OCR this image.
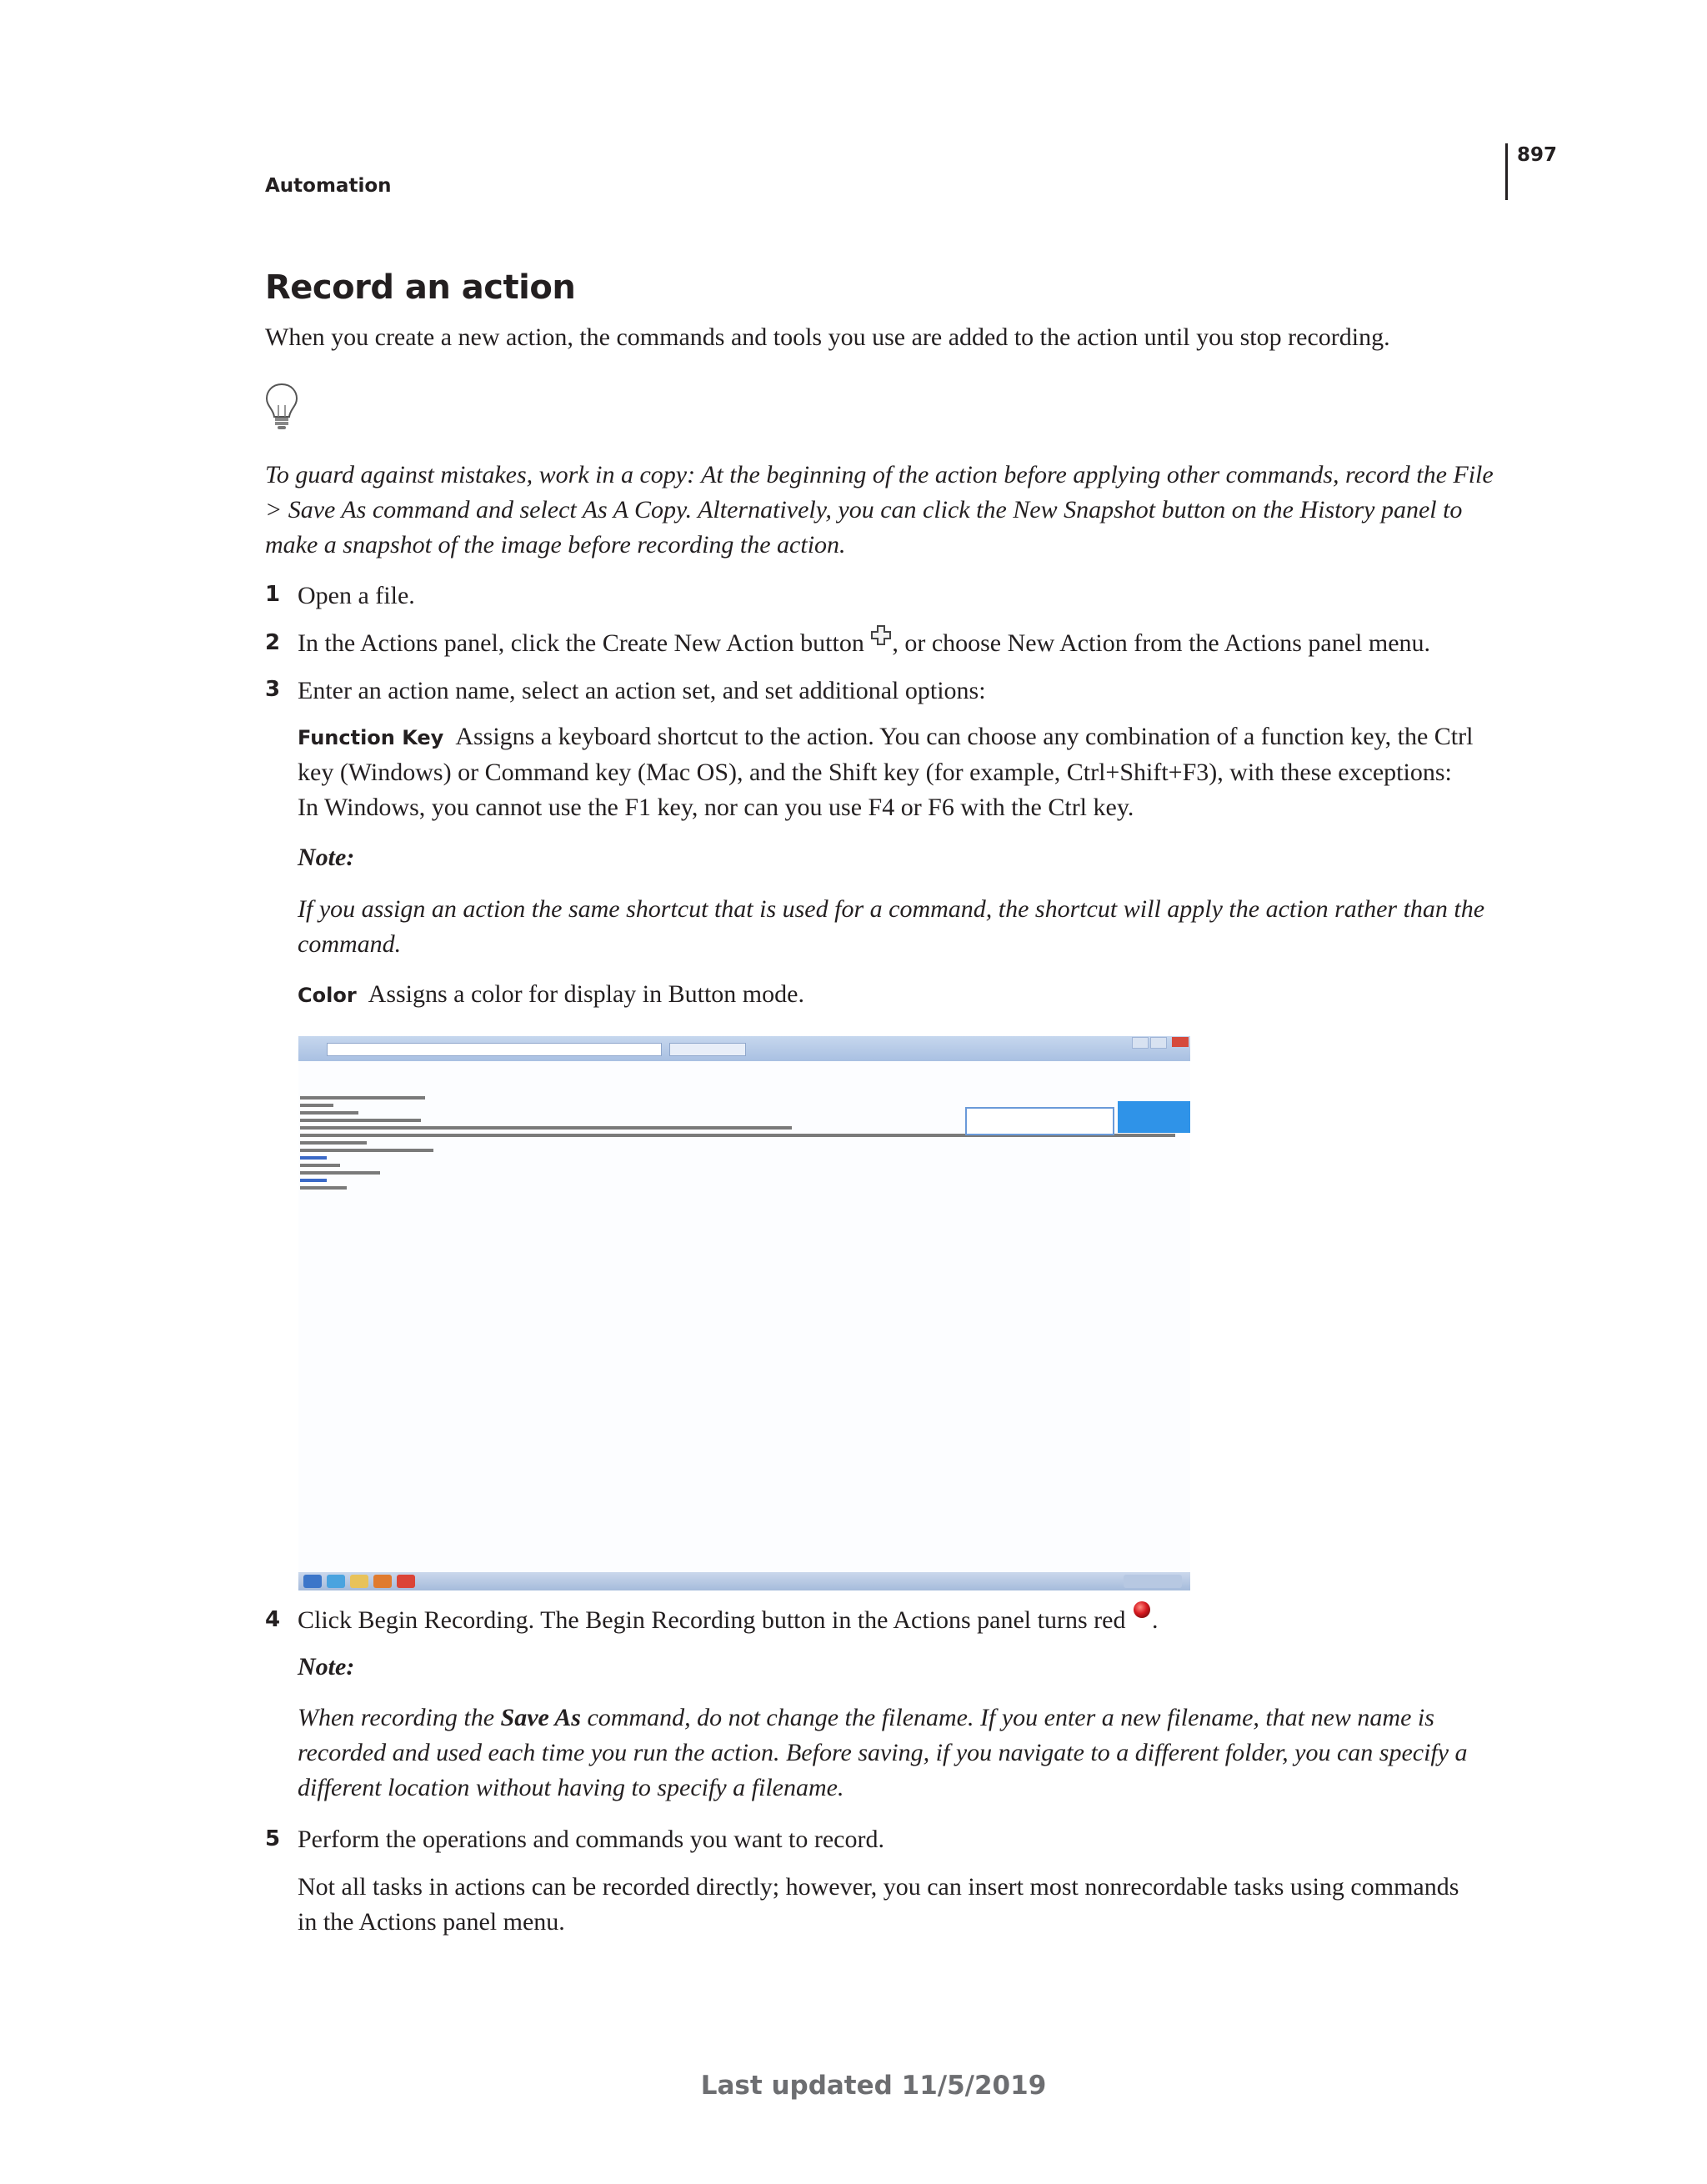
Automation
897
Record an action
When you create a new action, the commands and tools you use are added to the action until you stop recording.
To guard against mistakes, work in a copy: At the beginning of the action before applying other commands, record the File
> Save As command and select As A Copy. Alternatively, you can click the New Snapshot button on the History panel to
make a snapshot of the image before recording the action.
1 Open a file.
2 In the Actions panel, click the Create New Action button , or choose New Action from the Actions panel menu.
3 Enter an action name, select an action set, and set additional options:
Function Key Assigns a keyboard shortcut to the action. You can choose any combination of a function key, the Ctrl
key (Windows) or Command key (Mac OS), and the Shift key (for example, Ctrl+Shift+F3), with these exceptions:
In Windows, you cannot use the F1 key, nor can you use F4 or F6 with the Ctrl key.
Note:
If you assign an action the same shortcut that is used for a command, the shortcut will apply the action rather than the
command.
Color Assigns a color for display in Button mode.
4 Click Begin Recording. The Begin Recording button in the Actions panel turns red .
Note:
When recording the Save As command, do not change the filename. If you enter a new filename, that new name is
recorded and used each time you run the action. Before saving, if you navigate to a different folder, you can specify a
different location without having to specify a filename.
5 Perform the operations and commands you want to record.
Not all tasks in actions can be recorded directly; however, you can insert most nonrecordable tasks using commands
in the Actions panel menu.
Last updated 11/5/2019
